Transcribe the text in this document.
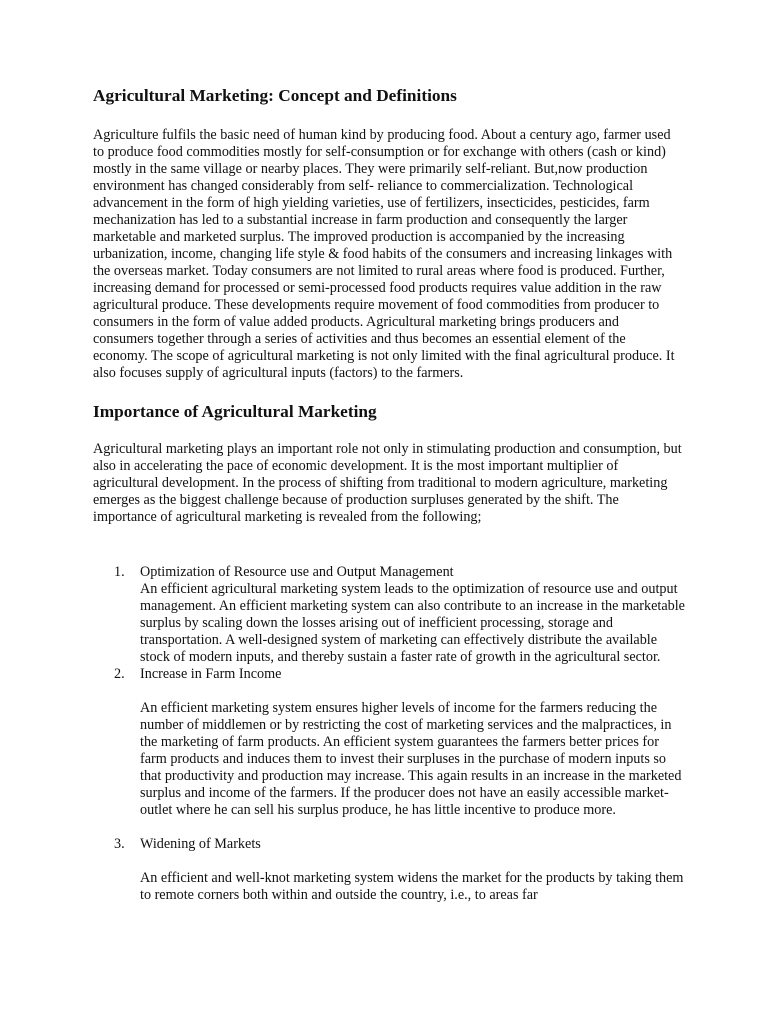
Agricultural Marketing: Concept and Definitions

Agriculture fulfils the basic need of human kind by producing food. About a century ago, farmer used to produce food commodities mostly for self-consumption or for exchange with others (cash or kind) mostly in the same village or nearby places. They were primarily self-reliant. But,now production environment has changed considerably from self- reliance to commercialization. Technological advancement in the form of high yielding varieties, use of fertilizers, insecticides, pesticides, farm mechanization has led to a substantial increase in farm production and consequently the larger marketable and marketed surplus. The improved production is accompanied by the increasing urbanization, income, changing life style & food habits of the consumers and increasing linkages with the overseas market. Today consumers are not limited to rural areas where food is produced. Further, increasing demand for processed or semi-processed food products requires value addition in the raw agricultural produce. These developments require movement of food commodities from producer to consumers in the form of value added products. Agricultural marketing brings producers and consumers together through a series of activities and thus becomes an essential element of the economy. The scope of agricultural marketing is not only limited with the final agricultural produce. It also focuses supply of agricultural inputs (factors) to the farmers.

Importance of Agricultural Marketing

Agricultural marketing plays an important role not only in stimulating production and consumption, but also in accelerating the pace of economic development. It is the most important multiplier of agricultural development. In the process of shifting from traditional to modern agriculture, marketing emerges as the biggest challenge because of production surpluses generated by the shift. The importance of agricultural marketing is revealed from the following;

1. Optimization of Resource use and Output Management
An efficient agricultural marketing system leads to the optimization of resource use and output management. An efficient marketing system can also contribute to an increase in the marketable surplus by scaling down the losses arising out of inefficient processing, storage and transportation. A well-designed system of marketing can effectively distribute the available stock of modern inputs, and thereby sustain a faster rate of growth in the agricultural sector.
2. Increase in Farm Income
An efficient marketing system ensures higher levels of income for the farmers reducing the number of middlemen or by restricting the cost of marketing services and the malpractices, in the marketing of farm products. An efficient system guarantees the farmers better prices for farm products and induces them to invest their surpluses in the purchase of modern inputs so that productivity and production may increase. This again results in an increase in the marketed surplus and income of the farmers. If the producer does not have an easily accessible market-outlet where he can sell his surplus produce, he has little incentive to produce more.
3. Widening of Markets
An efficient and well-knot marketing system widens the market for the products by taking them to remote corners both within and outside the country, i.e., to areas far
